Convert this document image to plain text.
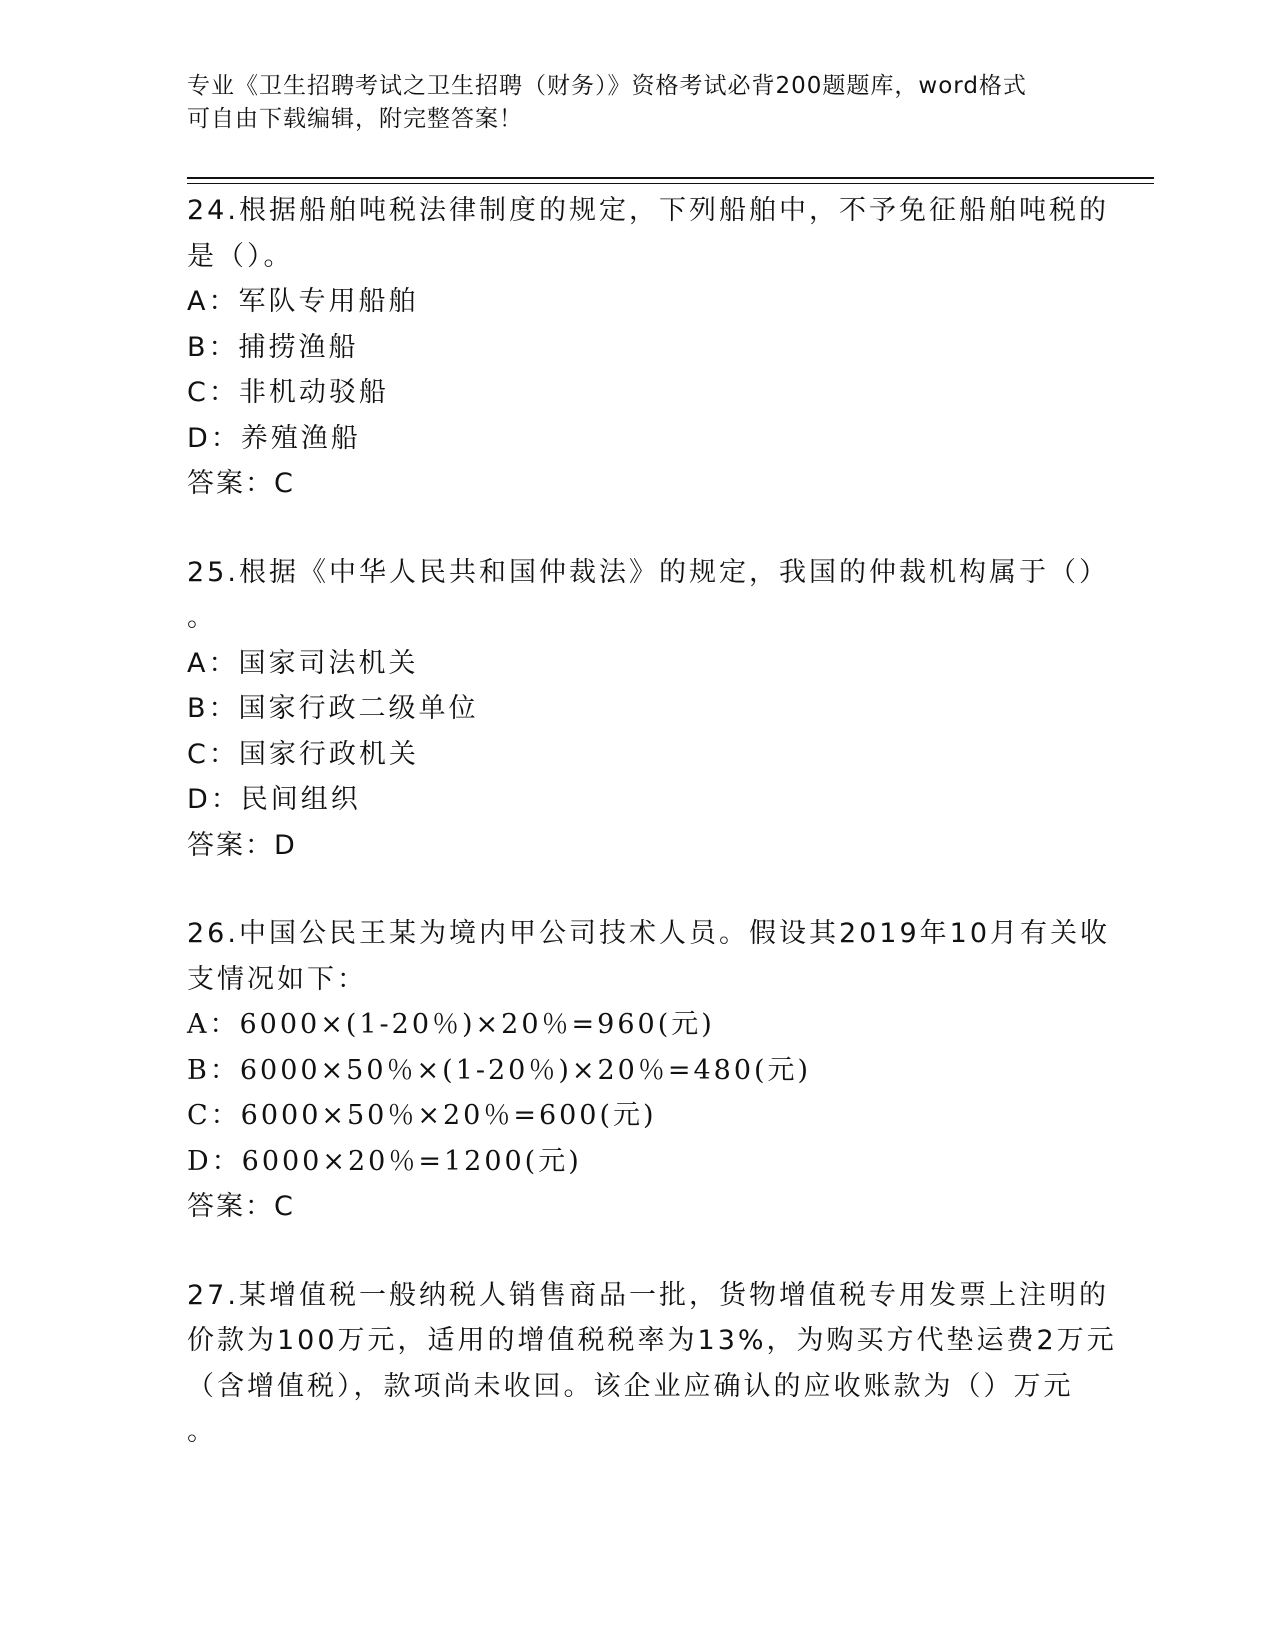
专业《卫生招聘考试之卫生招聘（财务）》资格考试必背200题题库，word格式
可自由下载编辑，附完整答案！
24.根据船舶吨税法律制度的规定，下列船舶中，不予免征船舶吨税的
是（）。
A：军队专用船舶
B：捕捞渔船
C：非机动驳船
D：养殖渔船
答案：C
25.根据《中华人民共和国仲裁法》的规定，我国的仲裁机构属于（）
。
A：国家司法机关
B：国家行政二级单位
C：国家行政机关
D：民间组织
答案：D
26.中国公民王某为境内甲公司技术人员。假设其2019年10月有关收
支情况如下：
A：6000×(1-20％)×20％=960(元)
B：6000×50％×(1-20％)×20％=480(元)
C：6000×50％×20％=600(元)
D：6000×20％=1200(元)
答案：C
27.某增值税一般纳税人销售商品一批，货物增值税专用发票上注明的
价款为100万元，适用的增值税税率为13%，为购买方代垫运费2万元
（含增值税），款项尚未收回。该企业应确认的应收账款为（）万元
。
